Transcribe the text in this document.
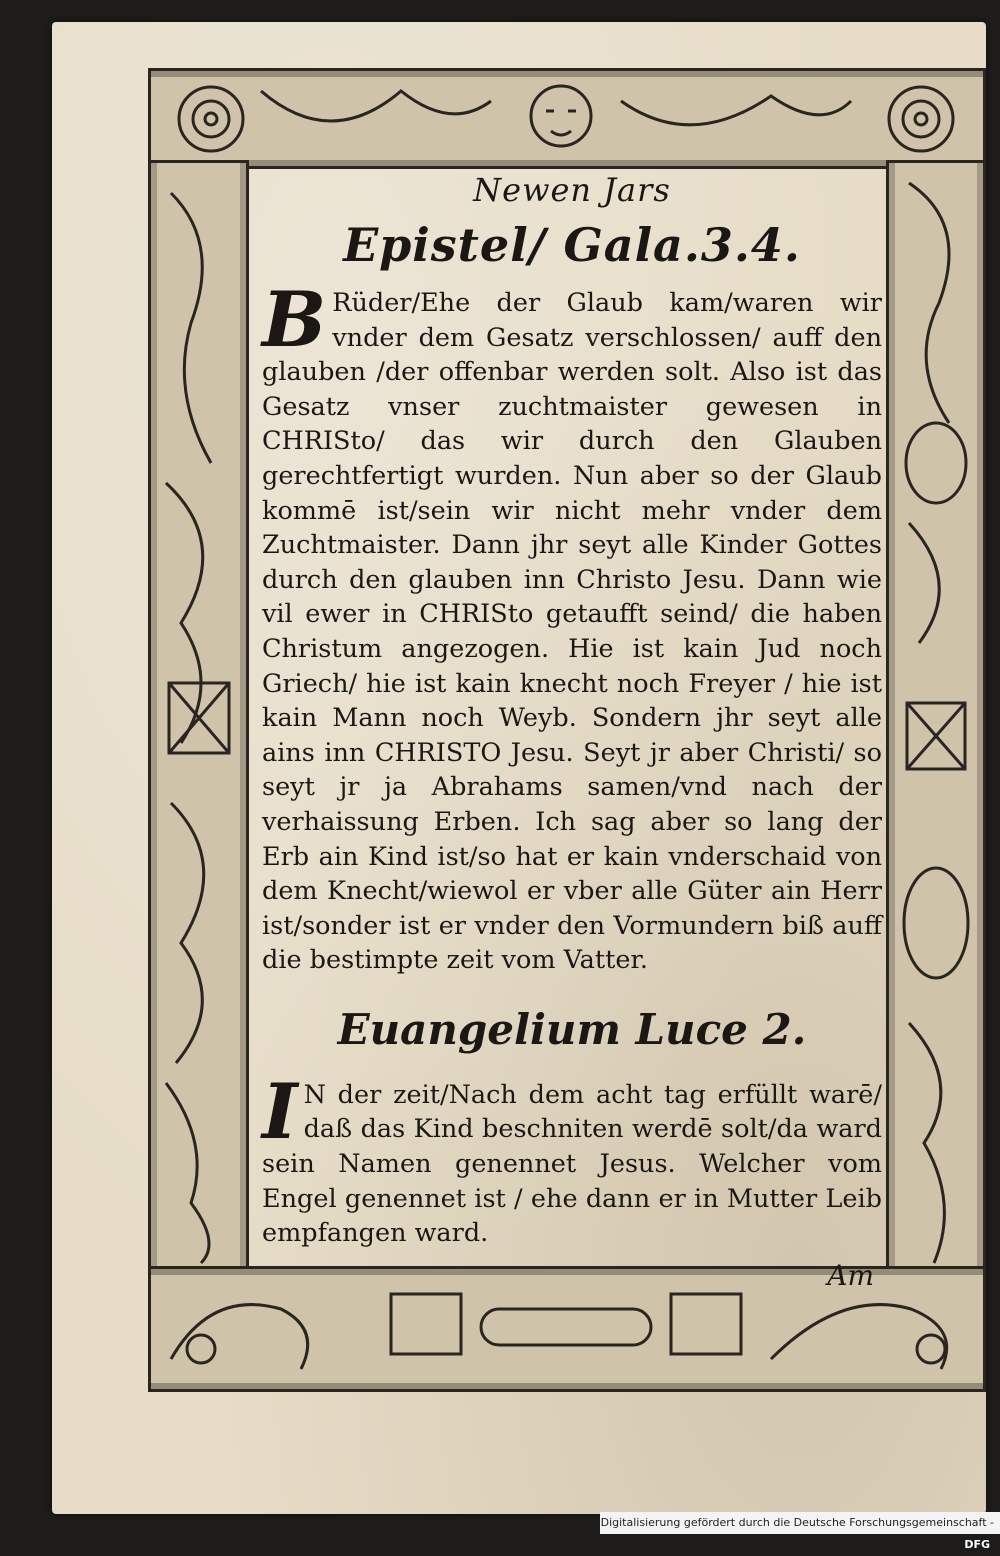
Newen Jars
Epistel/ Gala.3.4.
B Rüder/Ehe der Glaub kam/waren wir vnder dem Gesatz verschlossen/ auff den glauben /der offenbar werden solt. Also ist das Gesatz vnser zuchtmaister gewesen in CHRISto/ das wir durch den Glauben gerechtfertigt wurden. Nun aber so der Glaub kommē ist/sein wir nicht mehr vnder dem Zuchtmaister. Dann jhr seyt alle Kinder Gottes durch den glauben inn Christo Jesu. Dann wie vil ewer in CHRISto getaufft seind/ die haben Christum angezogen. Hie ist kain Jud noch Griech/ hie ist kain knecht noch Freyer / hie ist kain Mann noch Weyb. Sondern jhr seyt alle ains inn CHRISTO Jesu. Seyt jr aber Christi/ so seyt jr ja Abrahams samen/vnd nach der verhaissung Erben. Ich sag aber so lang der Erb ain Kind ist/so hat er kain vnderschaid von dem Knecht/wiewol er vber alle Güter ain Herr ist/sonder ist er vnder den Vormundern biß auff die bestimpte zeit vom Vatter.
Euangelium Luce 2.
I N der zeit/Nach dem acht tag erfüllt warē/ daß das Kind beschniten werdē solt/da ward sein Namen genennet Jesus. Welcher vom Engel genennet ist / ehe dann er in Mutter Leib empfangen ward.
Am
Digitalisierung gefördert durch die Deutsche Forschungsgemeinschaft - DFG
